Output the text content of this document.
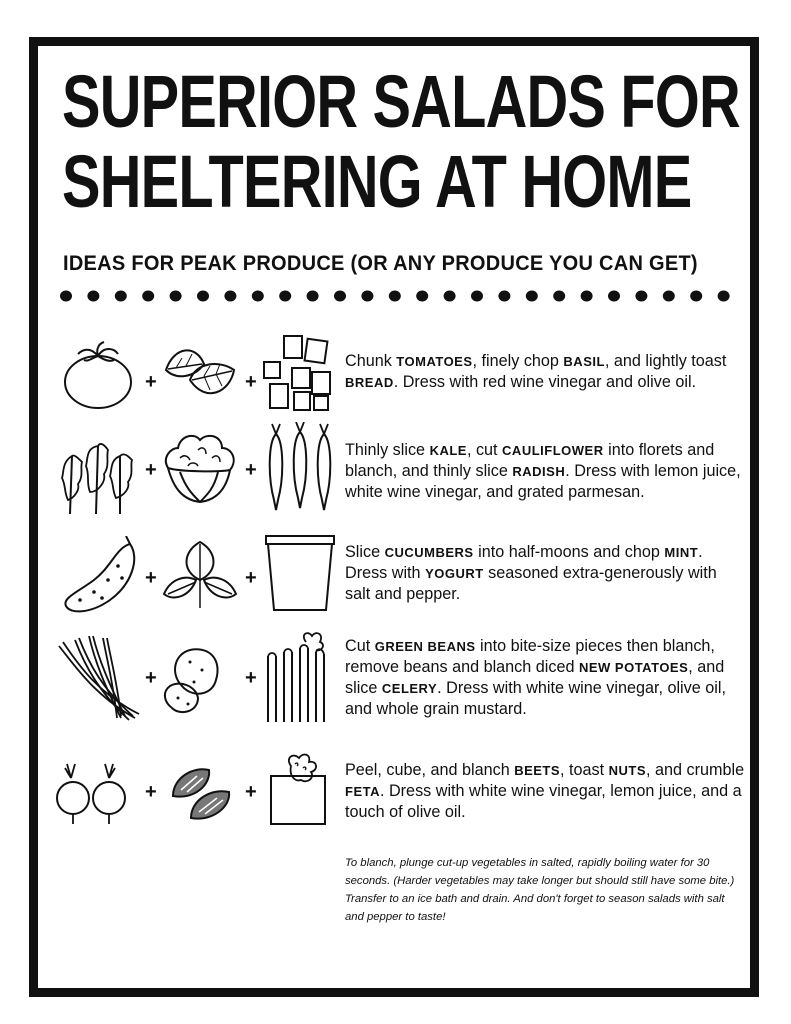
SUPERIOR SALADS FOR
SHELTERING AT HOME
IDEAS FOR PEAK PRODUCE (OR ANY PRODUCE YOU CAN GET)
+	+

Chunk TOMATOES, finely chop BASIL, and lightly toast BREAD. Dress with red wine vinegar and olive oil.

+	+

Thinly slice KALE, cut CAULIFLOWER into florets and blanch, and thinly slice RADISH. Dress with lemon juice, white wine vinegar, and grated parmesan.

+	+

Slice CUCUMBERS into half-moons and chop MINT. Dress with YOGURT seasoned extra-generously with salt and pepper.

+	+

Cut GREEN BEANS into bite-size pieces then blanch, remove beans and blanch diced NEW POTATOES, and slice CELERY. Dress with white wine vinegar, olive oil, and whole grain mustard.

+	+

Peel, cube, and blanch BEETS, toast NUTS, and crumble FETA. Dress with white wine vinegar, lemon juice, and a touch of olive oil.

To blanch, plunge cut-up vegetables in salted, rapidly boiling water for 30 seconds. (Harder vegetables may take longer but should still have some bite.) Transfer to an ice bath and drain. And don't forget to season salads with salt and pepper to taste!
